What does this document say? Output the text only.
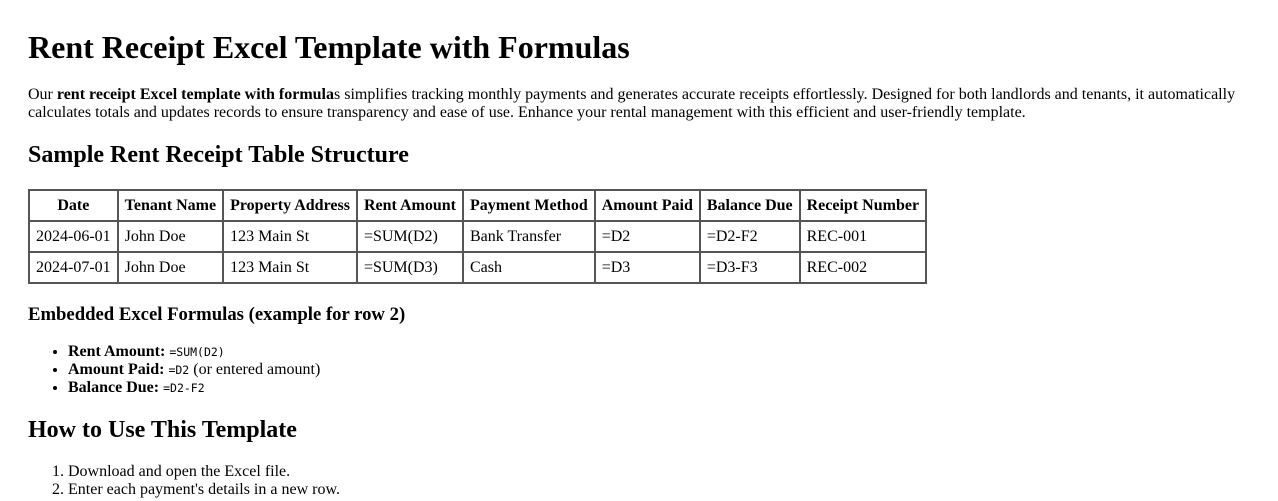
Rent Receipt Excel Template with Formulas

Our rent receipt Excel template with formulas simplifies tracking monthly payments and generates accurate receipts effortlessly. Designed for both landlords and tenants, it automatically calculates totals and updates records to ensure transparency and ease of use. Enhance your rental management with this efficient and user-friendly template.

Sample Rent Receipt Table Structure
Date	Tenant Name	Property Address	Rent Amount	Payment Method	Amount Paid	Balance Due	Receipt Number
2024-06-01	John Doe	123 Main St	=SUM(D2)	Bank Transfer	=D2	=D2-F2	REC-001
2024-07-01	John Doe	123 Main St	=SUM(D3)	Cash	=D3	=D3-F3	REC-002
Embedded Excel Formulas (example for row 2)
• Rent Amount: =SUM(D2)
• Amount Paid: =D2 (or entered amount)
• Balance Due: =D2-F2
How to Use This Template
1. Download and open the Excel file.
2. Enter each payment's details in a new row.
